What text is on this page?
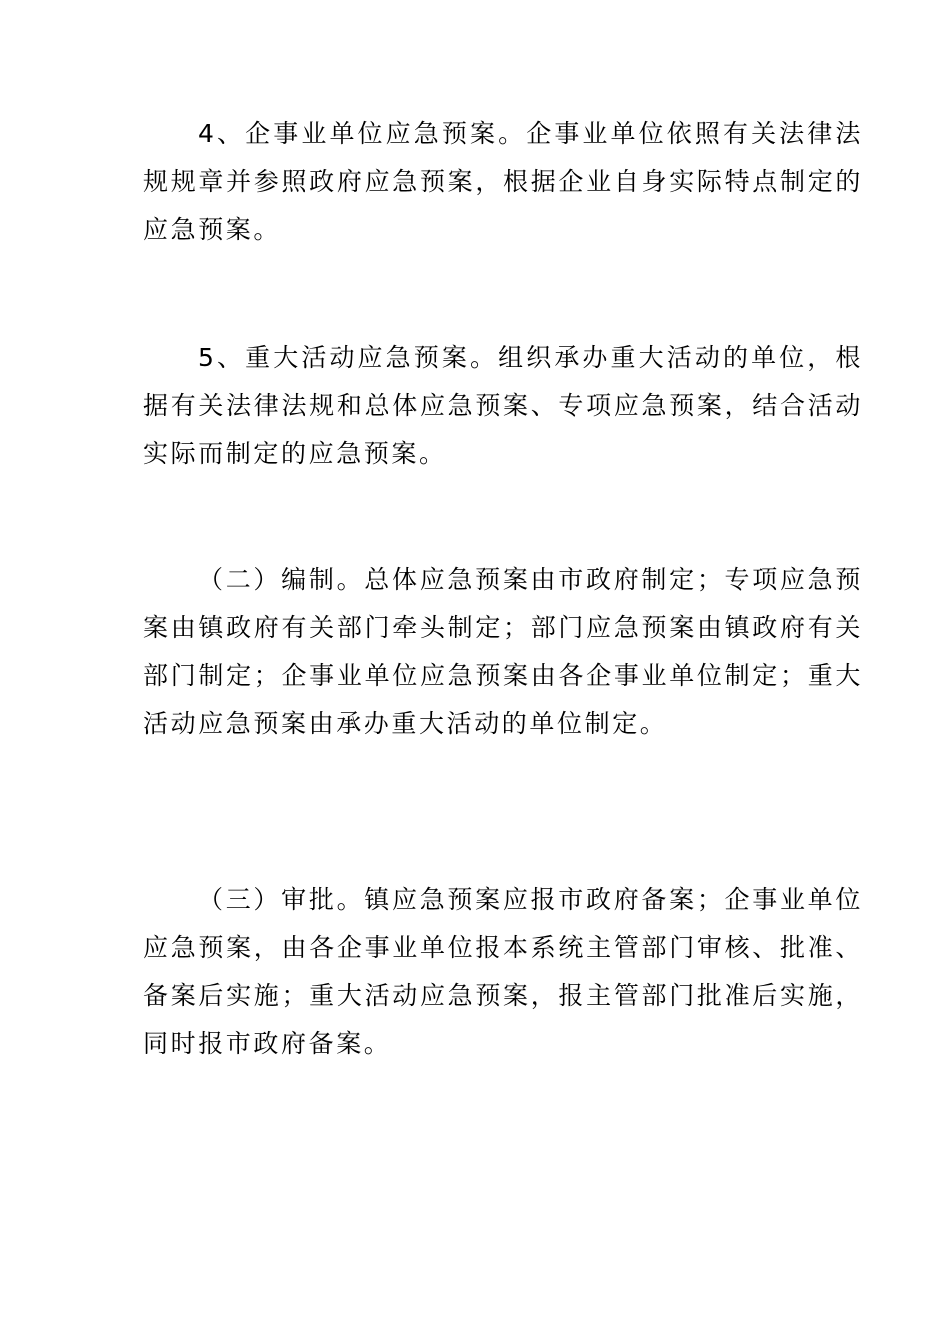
4、企事业单位应急预案。企事业单位依照有关法律法规规章并参照政府应急预案，根据企业自身实际特点制定的应急预案。

5、重大活动应急预案。组织承办重大活动的单位，根据有关法律法规和总体应急预案、专项应急预案，结合活动实际而制定的应急预案。

（二）编制。总体应急预案由市政府制定；专项应急预案由镇政府有关部门牵头制定；部门应急预案由镇政府有关部门制定；企事业单位应急预案由各企事业单位制定；重大活动应急预案由承办重大活动的单位制定。

（三）审批。镇应急预案应报市政府备案；企事业单位应急预案，由各企事业单位报本系统主管部门审核、批准、备案后实施；重大活动应急预案，报主管部门批准后实施，同时报市政府备案。
